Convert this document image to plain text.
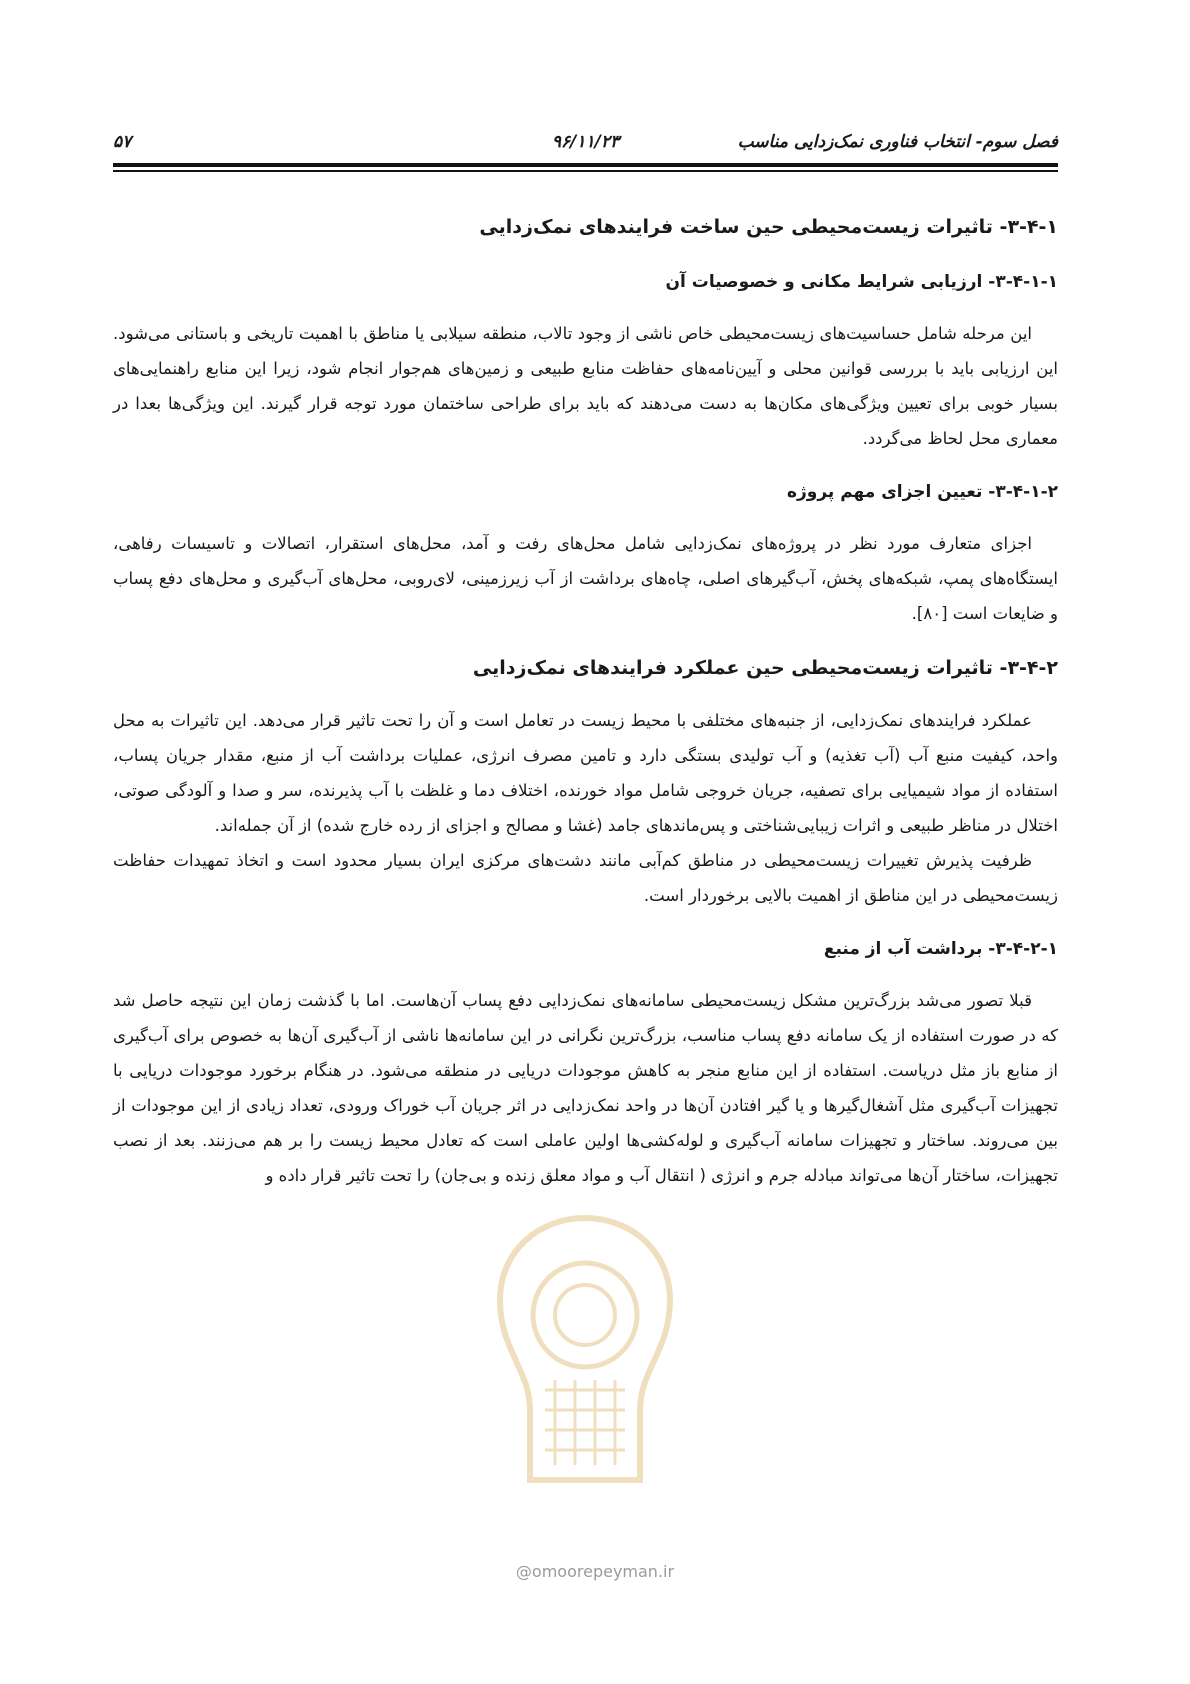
فصل سوم- انتخاب فناوری نمک‌زدایی مناسب
۹۶/۱۱/۲۳
۵۷
۳-۴-۱- تاثیرات زیست‌محیطی حین ساخت فرایندهای نمک‌زدایی
۳-۴-۱-۱- ارزیابی شرایط مکانی و خصوصیات آن

این مرحله شامل حساسیت‌های زیست‌محیطی خاص ناشی از وجود تالاب، منطقه سیلابی یا مناطق با اهمیت تاریخی و باستانی می‌شود. این ارزیابی باید با بررسی قوانین محلی و آیین‌نامه‌های حفاظت منابع طبیعی و زمین‌های هم‌جوار انجام شود، زیرا این منابع راهنمایی‌های بسیار خوبی برای تعیین ویژگی‌های مکان‌ها به دست می‌دهند که باید برای طراحی ساختمان مورد توجه قرار گیرند. این ویژگی‌ها بعدا در معماری محل لحاظ می‌گردد.

۳-۴-۱-۲- تعیین اجزای مهم پروژه

اجزای متعارف مورد نظر در پروژه‌های نمک‌زدایی شامل محل‌های رفت و آمد، محل‌های استقرار، اتصالات و تاسیسات رفاهی، ایستگاه‌های پمپ، شبکه‌های پخش، آب‌گیرهای اصلی، چاه‌های برداشت از آب زیرزمینی، لای‌روبی، محل‌های آب‌گیری و محل‌های دفع پساب و ضایعات است [۸۰].

۳-۴-۲- تاثیرات زیست‌محیطی حین عملکرد فرایندهای نمک‌زدایی

عملکرد فرایندهای نمک‌زدایی، از جنبه‌های مختلفی با محیط زیست در تعامل است و آن را تحت تاثیر قرار می‌دهد. این تاثیرات به محل واحد، کیفیت منبع آب (آب تغذیه) و آب تولیدی بستگی دارد و تامین مصرف انرژی، عملیات برداشت آب از منبع، مقدار جریان پساب، استفاده از مواد شیمیایی برای تصفیه، جریان خروجی شامل مواد خورنده، اختلاف دما و غلظت با آب پذیرنده، سر و صدا و آلودگی صوتی، اختلال در مناظر طبیعی و اثرات زیبایی‌شناختی و پس‌ماندهای جامد (غشا و مصالح و اجزای از رده خارج شده) از آن جمله‌اند.

ظرفیت پذیرش تغییرات زیست‌محیطی در مناطق کم‌آبی مانند دشت‌های مرکزی ایران بسیار محدود است و اتخاذ تمهیدات حفاظت زیست‌محیطی در این مناطق از اهمیت بالایی برخوردار است.

۳-۴-۲-۱- برداشت آب از منبع

قبلا تصور می‌شد بزرگ‌ترین مشکل زیست‌محیطی سامانه‌های نمک‌زدایی دفع پساب آن‌هاست. اما با گذشت زمان این نتیجه حاصل شد که در صورت استفاده از یک سامانه دفع پساب مناسب، بزرگ‌ترین نگرانی در این سامانه‌ها ناشی از آب‌گیری آن‌ها به خصوص برای آب‌گیری از منابع باز مثل دریاست. استفاده از این منابع منجر به کاهش موجودات دریایی در منطقه می‌شود. در هنگام برخورد موجودات دریایی با تجهیزات آب‌گیری مثل آشغال‌گیرها و یا گیر افتادن آن‌ها در واحد نمک‌زدایی در اثر جریان آب خوراک ورودی، تعداد زیادی از این موجودات از بین می‌روند. ساختار و تجهیزات سامانه آب‌گیری و لوله‌کشی‌ها اولین عاملی است که تعادل محیط زیست را بر هم می‌زنند. بعد از نصب تجهیزات، ساختار آن‌ها می‌تواند مبادله جرم و انرژی ( انتقال آب و مواد معلق زنده و بی‌جان) را تحت تاثیر قرار داده و

@omoorepeyman.ir
